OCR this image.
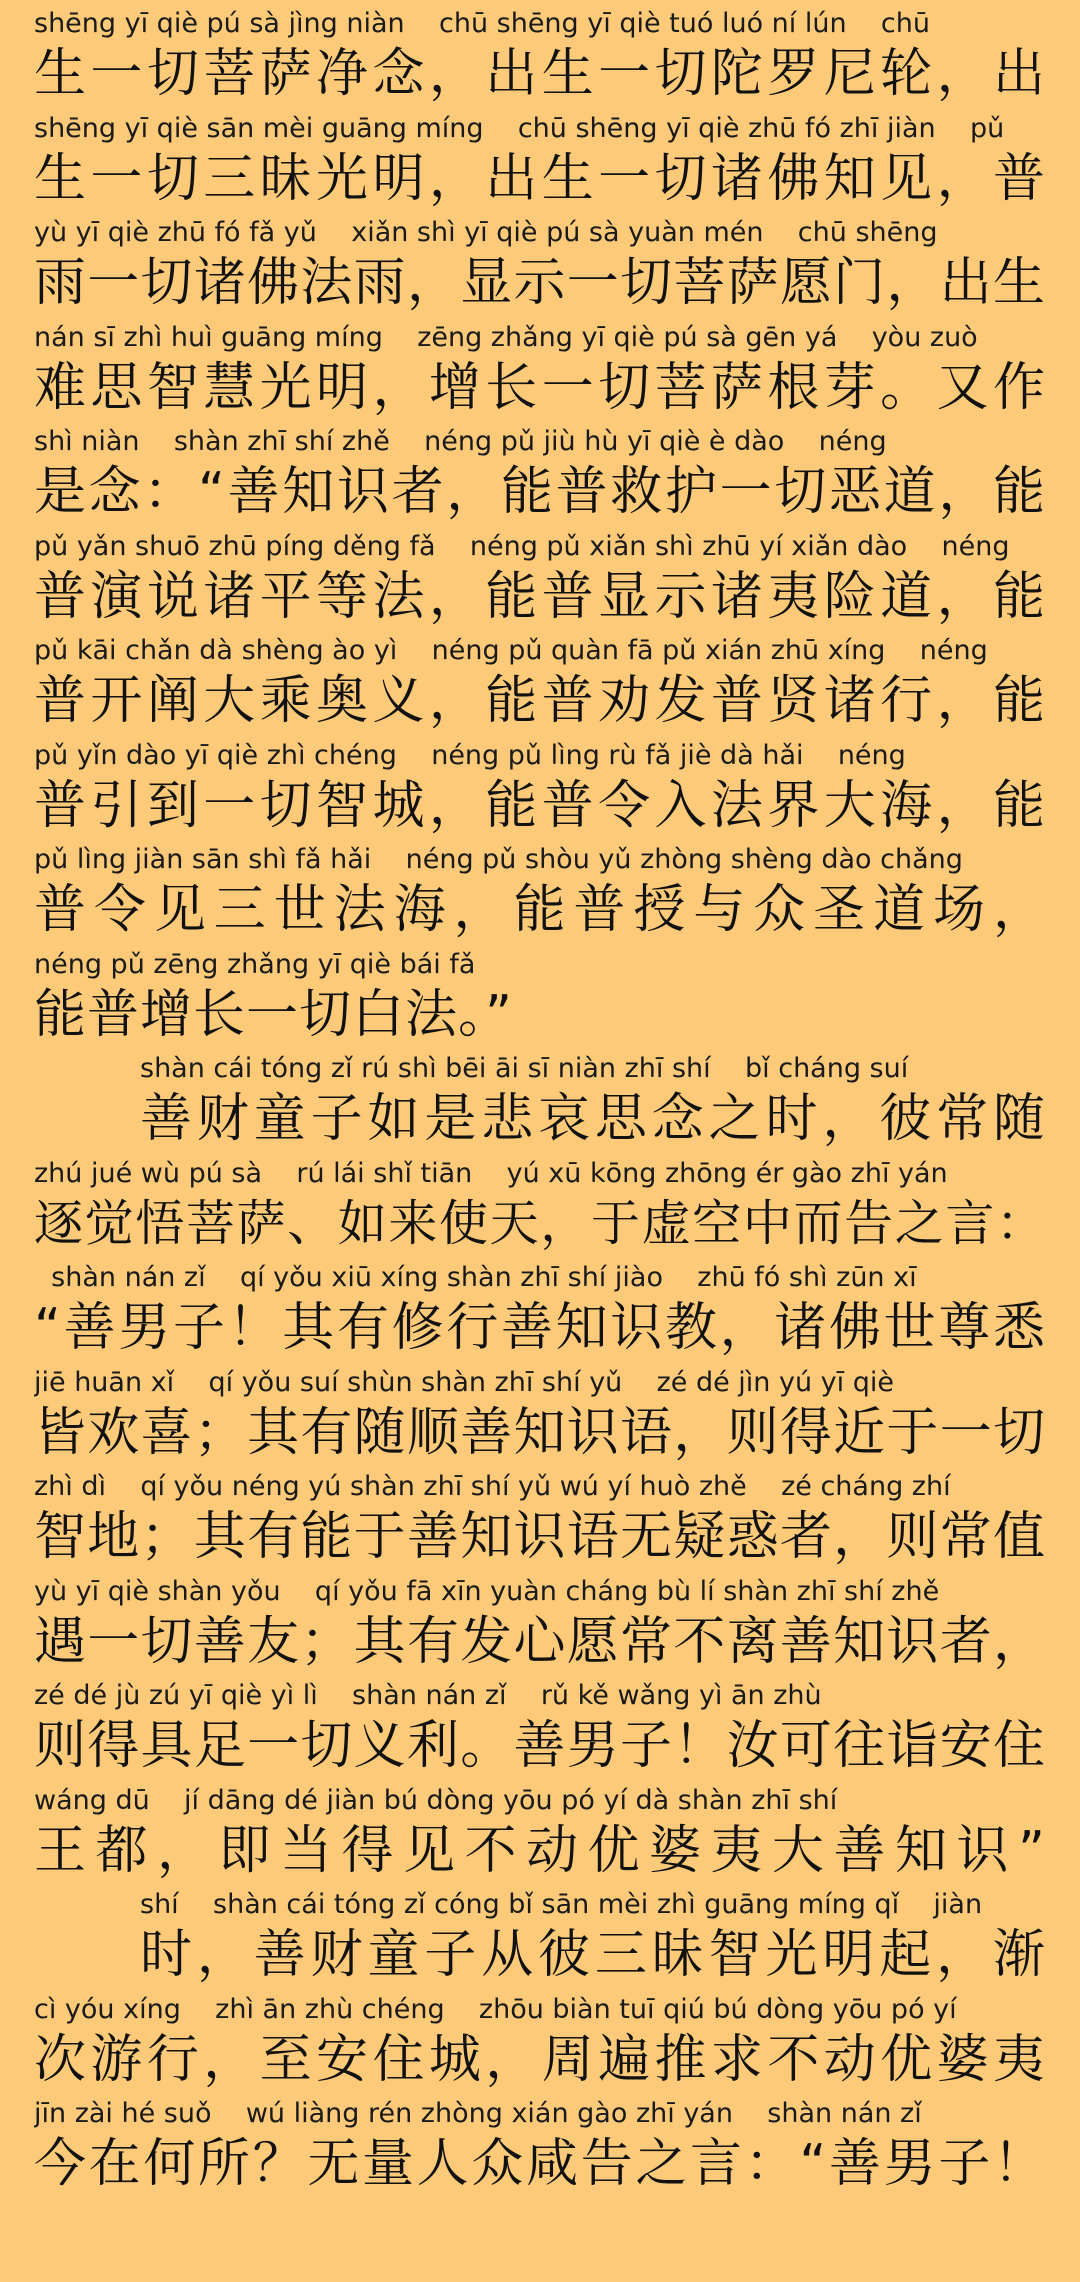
shēng yī qiè pú sà jìng niàn    chū shēng yī qiè tuó luó ní lún    chū
生一切菩萨净念，出生一切陀罗尼轮，出
shēng yī qiè sān mèi guāng míng    chū shēng yī qiè zhū fó zhī jiàn    pǔ
生一切三昧光明，出生一切诸佛知见，普
yù yī qiè zhū fó fǎ yǔ    xiǎn shì yī qiè pú sà yuàn mén    chū shēng
雨一切诸佛法雨，显示一切菩萨愿门，出生
nán sī zhì huì guāng míng    zēng zhǎng yī qiè pú sà gēn yá    yòu zuò
难思智慧光明，增长一切菩萨根芽。又作
shì niàn    shàn zhī shí zhě    néng pǔ jiù hù yī qiè è dào    néng
是念：“善知识者，能普救护一切恶道，能
pǔ yǎn shuō zhū píng děng fǎ    néng pǔ xiǎn shì zhū yí xiǎn dào    néng
普演说诸平等法，能普显示诸夷险道，能
pǔ kāi chǎn dà shèng ào yì    néng pǔ quàn fā pǔ xián zhū xíng    néng
普开阐大乘奥义，能普劝发普贤诸行，能
pǔ yǐn dào yī qiè zhì chéng    néng pǔ lìng rù fǎ jiè dà hǎi    néng
普引到一切智城，能普令入法界大海，能
pǔ lìng jiàn sān shì fǎ hǎi    néng pǔ shòu yǔ zhòng shèng dào chǎng
普令见三世法海，能普授与众圣道场，
néng pǔ zēng zhǎng yī qiè bái fǎ
能普增长一切白法。”
shàn cái tóng zǐ rú shì bēi āi sī niàn zhī shí    bǐ cháng suí
善财童子如是悲哀思念之时，彼常随
zhú jué wù pú sà    rú lái shǐ tiān    yú xū kōng zhōng ér gào zhī yán
逐觉悟菩萨、如来使天，于虚空中而告之言：
shàn nán zǐ    qí yǒu xiū xíng shàn zhī shí jiào    zhū fó shì zūn xī
“善男子！其有修行善知识教，诸佛世尊悉
jiē huān xǐ    qí yǒu suí shùn shàn zhī shí yǔ    zé dé jìn yú yī qiè
皆欢喜；其有随顺善知识语，则得近于一切
zhì dì    qí yǒu néng yú shàn zhī shí yǔ wú yí huò zhě    zé cháng zhí
智地；其有能于善知识语无疑惑者，则常值
yù yī qiè shàn yǒu    qí yǒu fā xīn yuàn cháng bù lí shàn zhī shí zhě
遇一切善友；其有发心愿常不离善知识者，
zé dé jù zú yī qiè yì lì    shàn nán zǐ    rǔ kě wǎng yì ān zhù
则得具足一切义利。善男子！汝可往诣安住
wáng dū    jí dāng dé jiàn bú dòng yōu pó yí dà shàn zhī shí
王都，即当得见不动优婆夷大善知识”
shí    shàn cái tóng zǐ cóng bǐ sān mèi zhì guāng míng qǐ    jiàn
时，善财童子从彼三昧智光明起，渐
cì yóu xíng    zhì ān zhù chéng    zhōu biàn tuī qiú bú dòng yōu pó yí
次游行，至安住城，周遍推求不动优婆夷
jīn zài hé suǒ    wú liàng rén zhòng xián gào zhī yán    shàn nán zǐ
今在何所？无量人众咸告之言：“善男子！
